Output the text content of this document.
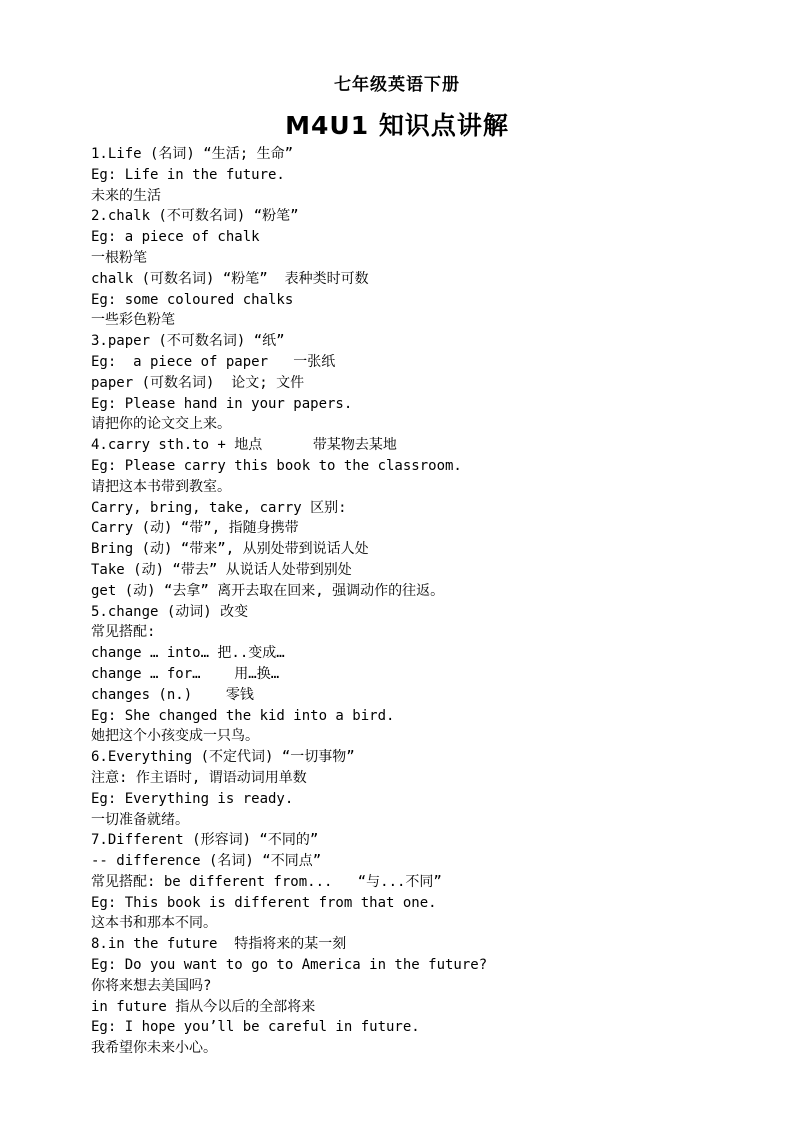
七年级英语下册
M4U1 知识点讲解
1.Life (名词) “生活; 生命”
Eg: Life in the future.
未来的生活
2.chalk (不可数名词) “粉笔”
Eg: a piece of chalk
一根粉笔
chalk (可数名词) “粉笔”  表种类时可数
Eg: some coloured chalks
一些彩色粉笔
3.paper (不可数名词) “纸”
Eg:  a piece of paper   一张纸
paper (可数名词)  论文; 文件
Eg: Please hand in your papers.
请把你的论文交上来。
4.carry sth.to + 地点      带某物去某地
Eg: Please carry this book to the classroom.
请把这本书带到教室。
Carry, bring, take, carry 区别:
Carry (动) “带”, 指随身携带
Bring (动) “带来”, 从别处带到说话人处
Take (动) “带去” 从说话人处带到别处
get (动) “去拿” 离开去取在回来, 强调动作的往返。
5.change (动词) 改变
常见搭配:
change … into… 把..变成…
change … for…    用…换…
changes (n.)    零钱
Eg: She changed the kid into a bird.
她把这个小孩变成一只鸟。
6.Everything (不定代词) “一切事物”
注意: 作主语时, 谓语动词用单数
Eg: Everything is ready.
一切准备就绪。
7.Different (形容词) “不同的”
-- difference (名词) “不同点”
常见搭配: be different from...   “与...不同”
Eg: This book is different from that one.
这本书和那本不同。
8.in the future  特指将来的某一刻
Eg: Do you want to go to America in the future?
你将来想去美国吗?
in future 指从今以后的全部将来
Eg: I hope you’ll be careful in future.
我希望你未来小心。
